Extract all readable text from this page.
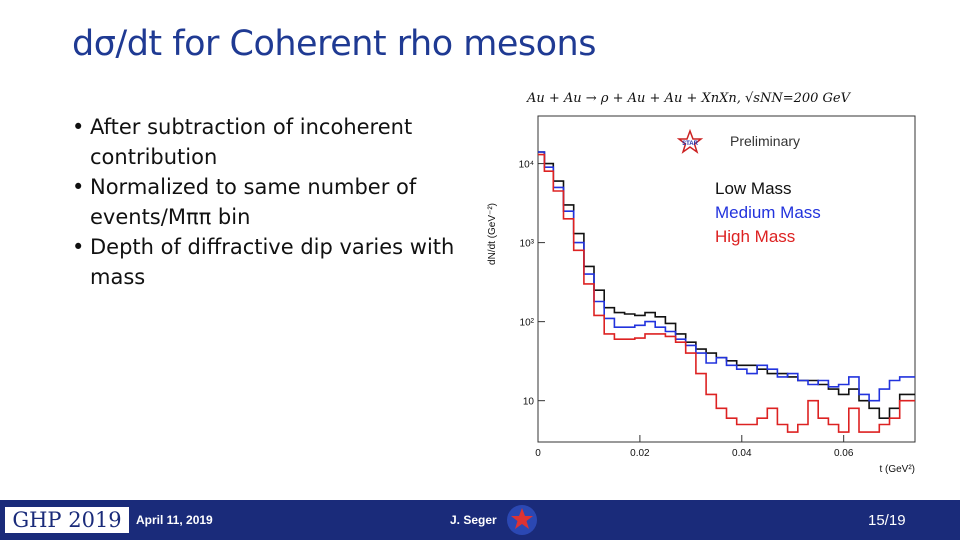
dσ/dt for Coherent rho mesons
• After subtraction of incoherent contribution
• Normalized to same number of events/Mππ bin
• Depth of diffractive dip varies with mass
Au + Au → ρ + Au + Au + XnXn, √sNN=200 GeV
dN/dt (GeV⁻²)
t (GeV²)
Preliminary
STAR
Low Mass
Medium Mass
High Mass
0	0.02	0.04	0.06
10
10²
10³
10⁴
GHP 2019	April 11, 2019	J. Seger	15/19
